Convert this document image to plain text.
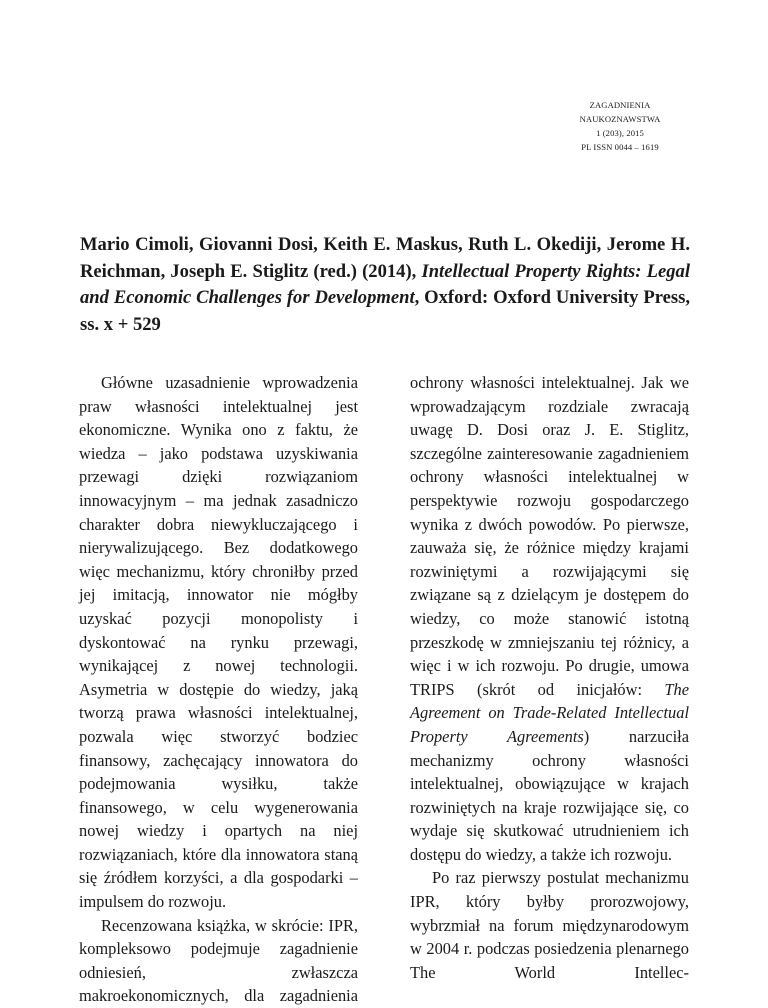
ZAGADNIENIA
NAUKOZNAWSTWA
1 (203), 2015
PL ISSN 0044 – 1619
Mario Cimoli, Giovanni Dosi, Keith E. Maskus, Ruth L. Okediji, Jerome H. Reichman, Joseph E. Stiglitz (red.) (2014), Intellectual Property Rights: Legal and Economic Challenges for Development, Oxford: Oxford University Press, ss. x + 529

Główne uzasadnienie wprowadzenia praw własności intelektualnej jest ekonomiczne. Wynika ono z faktu, że wiedza – jako podstawa uzyskiwania przewagi dzięki rozwiązaniom innowacyjnym – ma jednak zasadniczo charakter dobra niewykluczającego i nierywalizującego. Bez dodatkowego więc mechanizmu, który chroniłby przed jej imitacją, innowator nie mógłby uzyskać pozycji monopolisty i dyskontować na rynku przewagi, wynikającej z nowej technologii. Asymetria w dostępie do wiedzy, jaką tworzą prawa własności intelektualnej, pozwala więc stworzyć bodziec finansowy, zachęcający innowatora do podejmowania wysiłku, także finansowego, w celu wygenerowania nowej wiedzy i opartych na niej rozwiązaniach, które dla innowatora staną się źródłem korzyści, a dla gospodarki – impulsem do rozwoju.

Recenzowana książka, w skrócie: IPR, kompleksowo podejmuje zagadnienie odniesień, zwłaszcza makroekonomicznych, dla zagadnienia

ochrony własności intelektualnej. Jak we wprowadzającym rozdziale zwracają uwagę D. Dosi oraz J. E. Stiglitz, szczególne zainteresowanie zagadnieniem ochrony własności intelektualnej w perspektywie rozwoju gospodarczego wynika z dwóch powodów. Po pierwsze, zauważa się, że różnice między krajami rozwiniętymi a rozwijającymi się związane są z dzielącym je dostępem do wiedzy, co może stanowić istotną przeszkodę w zmniejszaniu tej różnicy, a więc i w ich rozwoju. Po drugie, umowa TRIPS (skrót od inicjałów: The Agreement on Trade-Related Intellectual Property Agreements) narzuciła mechanizmy ochrony własności intelektualnej, obowiązujące w krajach rozwiniętych na kraje rozwijające się, co wydaje się skutkować utrudnieniem ich dostępu do wiedzy, a także ich rozwoju.

Po raz pierwszy postulat mechanizmu IPR, który byłby prorozwojowy, wybrzmiał na forum międzynarodowym w 2004 r. podczas posiedzenia plenarnego The World Intellec-
